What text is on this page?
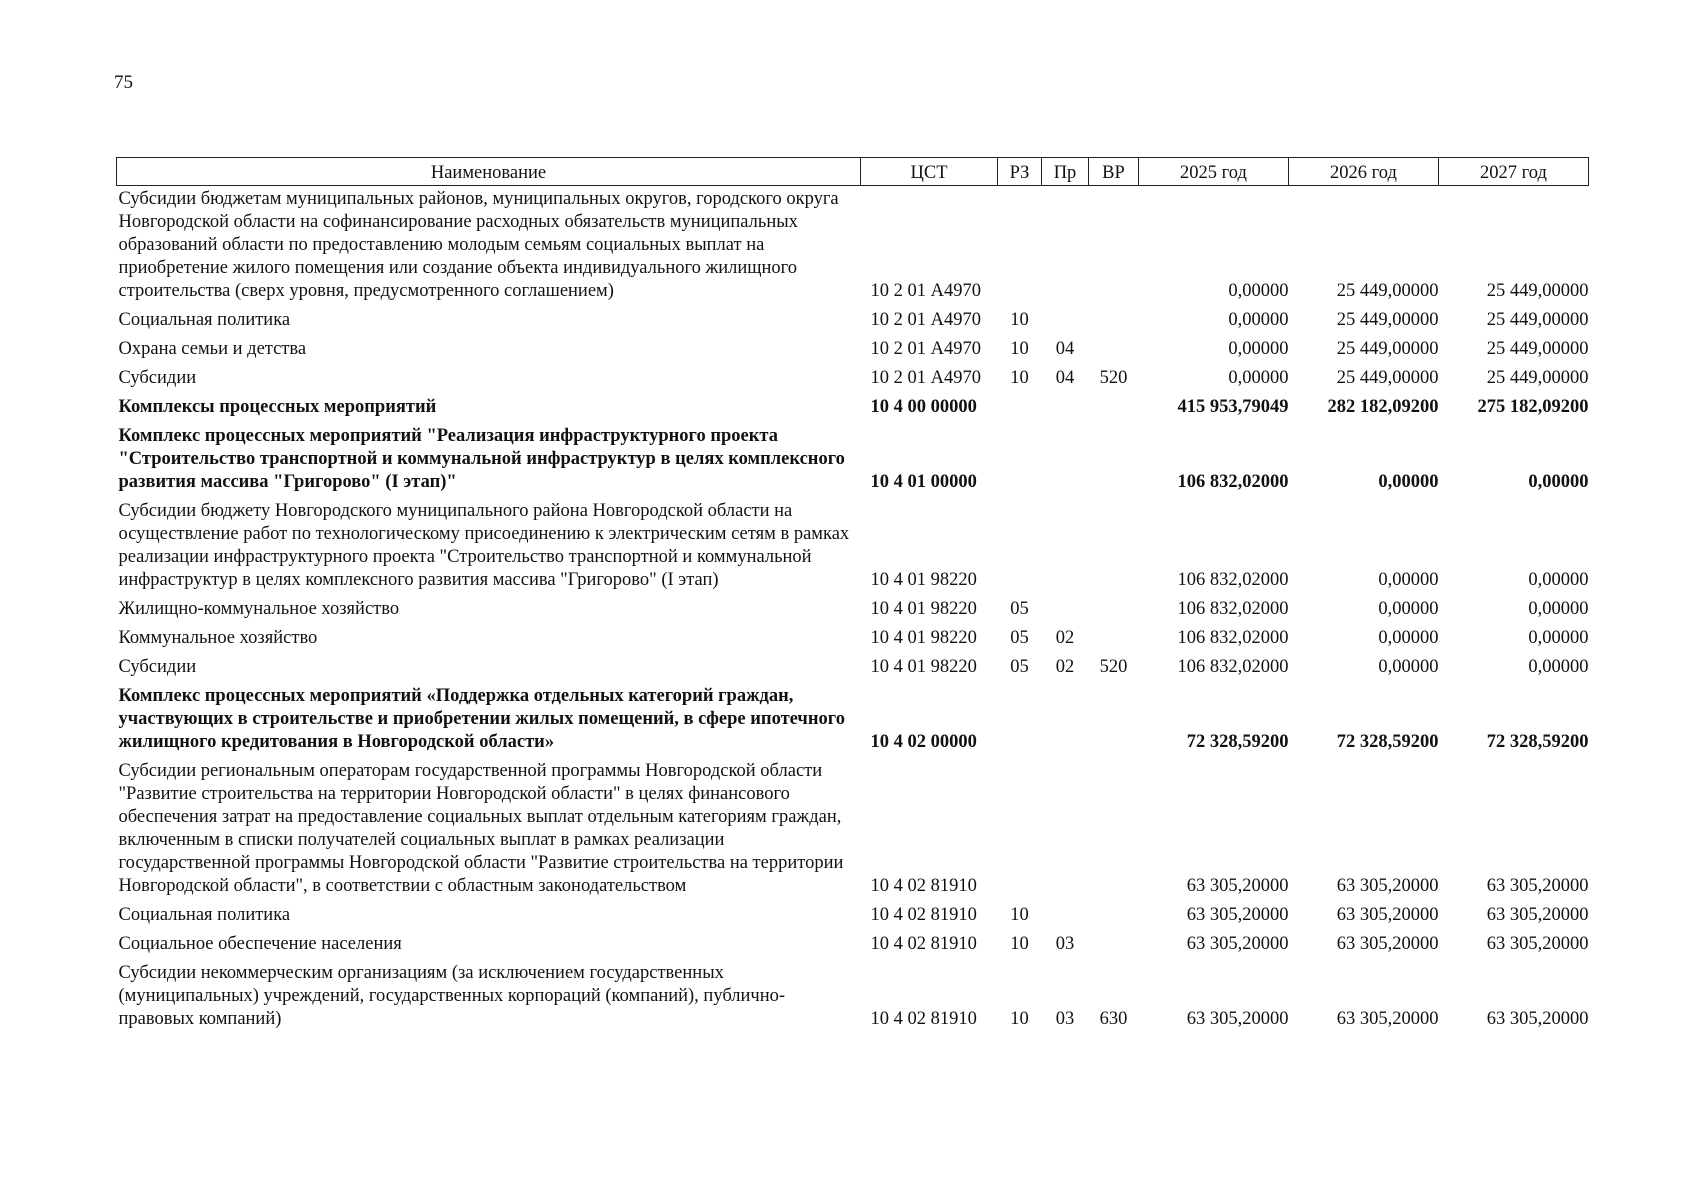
75
Наименование	ЦСТ	РЗ	Пр	ВР	2025 год	2026 год	2027 год
Субсидии бюджетам муниципальных районов, муниципальных округов, городского округа Новгородской области на софинансирование расходных обязательств муниципальных образований области по предоставлению молодым семьям социальных выплат на приобретение жилого помещения или создание объекта индивидуального жилищного строительства (сверх уровня, предусмотренного соглашением)	10 2 01 А4970				0,00000	25 449,00000	25 449,00000
Социальная политика	10 2 01 А4970	10			0,00000	25 449,00000	25 449,00000
Охрана семьи и детства	10 2 01 А4970	10	04		0,00000	25 449,00000	25 449,00000
Субсидии	10 2 01 А4970	10	04	520	0,00000	25 449,00000	25 449,00000
Комплексы процессных мероприятий	10 4 00 00000				415 953,79049	282 182,09200	275 182,09200
Комплекс процессных мероприятий "Реализация инфраструктурного проекта "Строительство транспортной и коммунальной инфраструктур в целях комплексного развития массива "Григорово" (I этап)"	10 4 01 00000				106 832,02000	0,00000	0,00000
Субсидии бюджету Новгородского муниципального района Новгородской области на осуществление работ по технологическому присоединению к электрическим сетям в рамках реализации инфраструктурного проекта "Строительство транспортной и коммунальной инфраструктур в целях комплексного развития массива "Григорово" (I этап)	10 4 01 98220				106 832,02000	0,00000	0,00000
Жилищно-коммунальное хозяйство	10 4 01 98220	05			106 832,02000	0,00000	0,00000
Коммунальное хозяйство	10 4 01 98220	05	02		106 832,02000	0,00000	0,00000
Субсидии	10 4 01 98220	05	02	520	106 832,02000	0,00000	0,00000
Комплекс процессных мероприятий «Поддержка отдельных категорий граждан, участвующих в строительстве и приобретении жилых помещений, в сфере ипотечного жилищного кредитования в Новгородской области»	10 4 02 00000				72 328,59200	72 328,59200	72 328,59200
Субсидии региональным операторам государственной программы Новгородской области "Развитие строительства на территории Новгородской области" в целях финансового обеспечения затрат на предоставление социальных выплат отдельным категориям граждан, включенным в списки получателей социальных выплат в рамках реализации государственной программы Новгородской области "Развитие строительства на территории Новгородской области", в соответствии с областным законодательством	10 4 02 81910				63 305,20000	63 305,20000	63 305,20000
Социальная политика	10 4 02 81910	10			63 305,20000	63 305,20000	63 305,20000
Социальное обеспечение населения	10 4 02 81910	10	03		63 305,20000	63 305,20000	63 305,20000
Субсидии некоммерческим организациям (за исключением государственных (муниципальных) учреждений, государственных корпораций (компаний), публично-правовых компаний)	10 4 02 81910	10	03	630	63 305,20000	63 305,20000	63 305,20000
